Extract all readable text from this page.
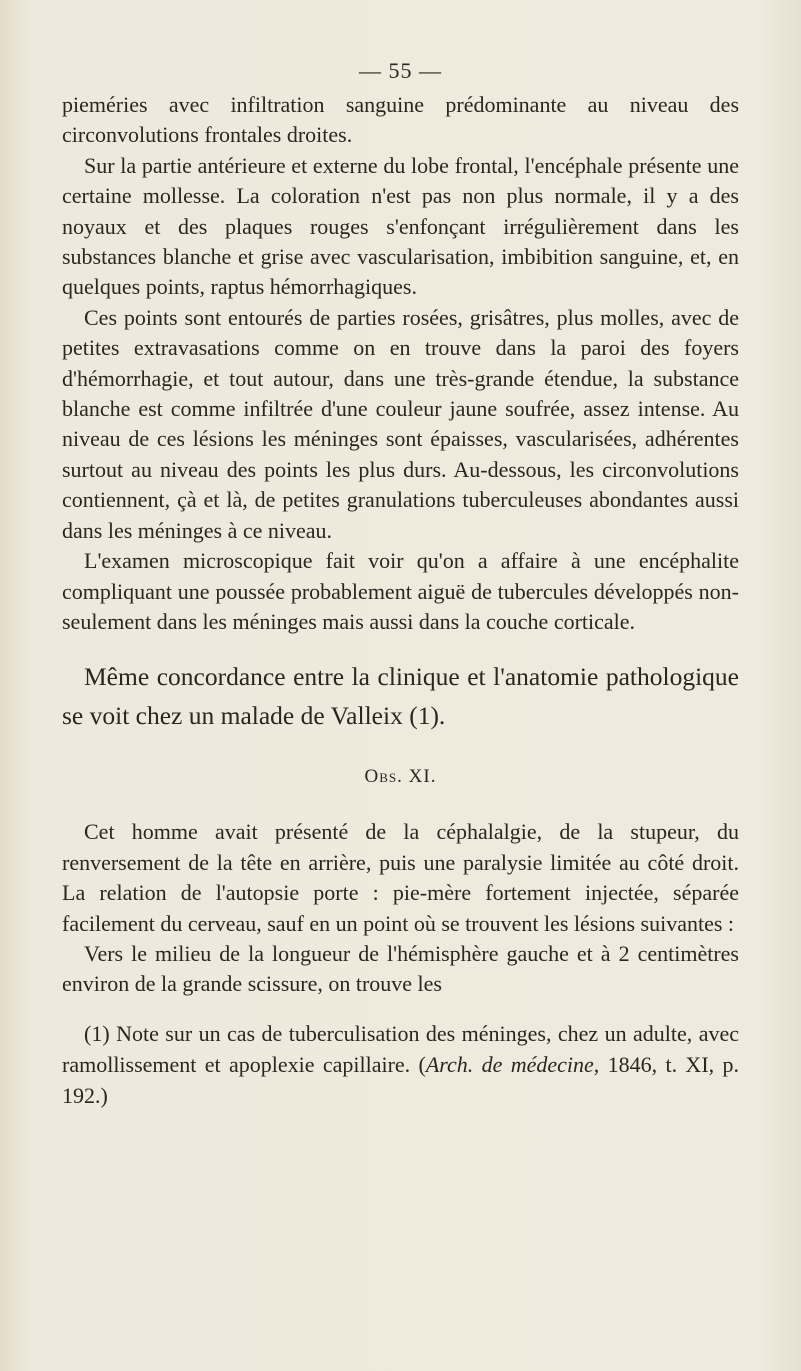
— 55 —

pieméries avec infiltration sanguine prédominante au niveau des circonvolutions frontales droites.

Sur la partie antérieure et externe du lobe frontal, l'encéphale présente une certaine mollesse. La coloration n'est pas non plus normale, il y a des noyaux et des plaques rouges s'enfonçant irrégulièrement dans les substances blanche et grise avec vascularisation, imbibition sanguine, et, en quelques points, raptus hémorrhagiques.

Ces points sont entourés de parties rosées, grisâtres, plus molles, avec de petites extravasations comme on en trouve dans la paroi des foyers d'hémorrhagie, et tout autour, dans une très-grande étendue, la substance blanche est comme infiltrée d'une couleur jaune soufrée, assez intense. Au niveau de ces lésions les méninges sont épaisses, vascularisées, adhérentes surtout au niveau des points les plus durs. Au-dessous, les circonvolutions contiennent, çà et là, de petites granulations tuberculeuses abondantes aussi dans les méninges à ce niveau.

L'examen microscopique fait voir qu'on a affaire à une encéphalite compliquant une poussée probablement aiguë de tubercules développés non-seulement dans les méninges mais aussi dans la couche corticale.

Même concordance entre la clinique et l'anatomie pathologique se voit chez un malade de Valleix (1).

Obs. XI.

Cet homme avait présenté de la céphalalgie, de la stupeur, du renversement de la tête en arrière, puis une paralysie limitée au côté droit. La relation de l'autopsie porte : pie-mère fortement injectée, séparée facilement du cerveau, sauf en un point où se trouvent les lésions suivantes :

Vers le milieu de la longueur de l'hémisphère gauche et à 2 centimètres environ de la grande scissure, on trouve les

(1) Note sur un cas de tuberculisation des méninges, chez un adulte, avec ramollissement et apoplexie capillaire. (Arch. de médecine, 1846, t. XI, p. 192.)
